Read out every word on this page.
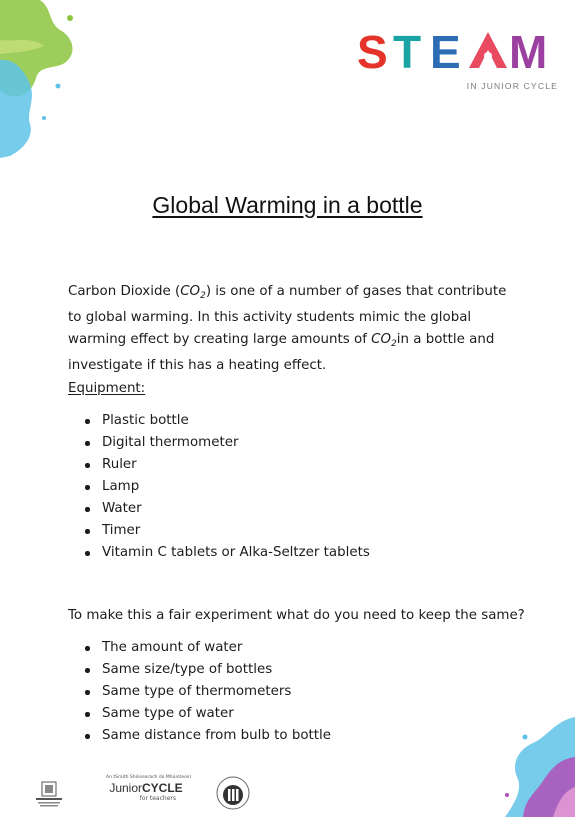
S T E M
IN JUNIOR CYCLE
Global Warming in a bottle

Carbon Dioxide $(CO_2)$ is one of a number of gases that contribute to global warming. In this activity students mimic the global warming effect by creating large amounts of $CO_2in$ a bottle and investigate if this has a heating effect.

Equipment:
Plastic bottle
Digital thermometer
Ruler
Lamp
Water
Timer
Vitamin C tablets or Alka-Seltzer tablets

To make this a fair experiment what do you need to keep the same?

The amount of water
Same size/type of bottles
Same type of thermometers
Same type of water
Same distance from bulb to bottle
An tSraith Shóisearach do Mhúinteoirí
JuniorCYCLE
for teachers
